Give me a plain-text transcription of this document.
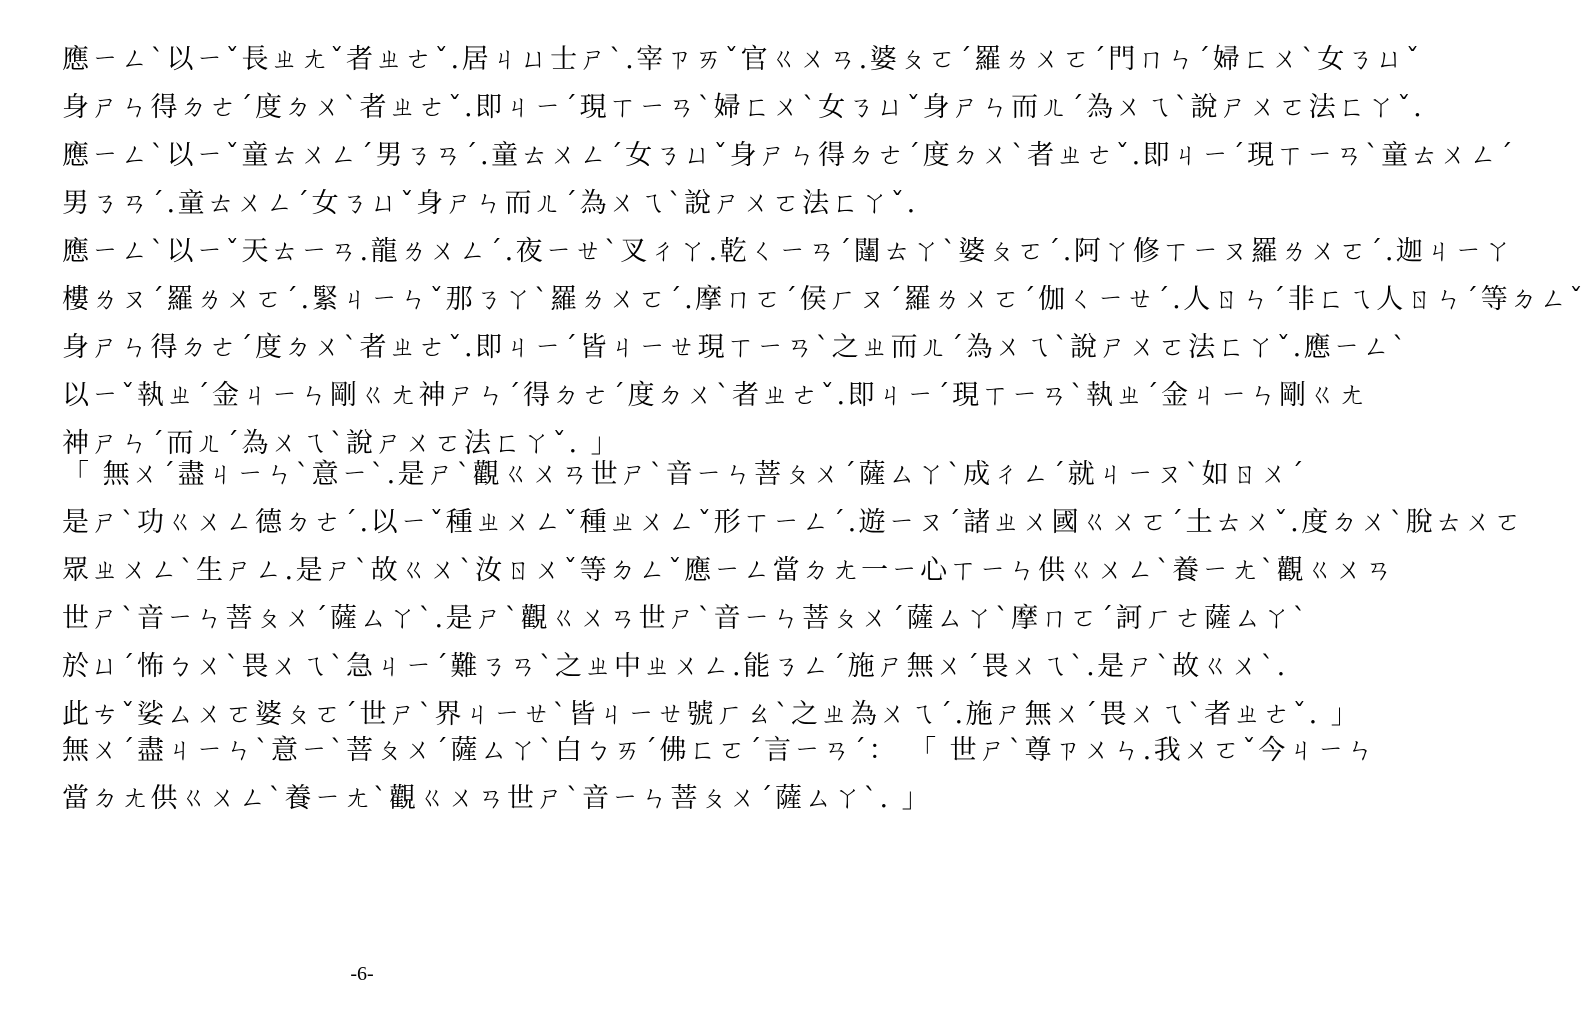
應ㄧㄥˋ以ㄧˇ長ㄓㄤˇ者ㄓㄜˇ.居ㄐㄩ士ㄕˋ.宰ㄗㄞˇ官ㄍㄨㄢ.婆ㄆㄛˊ羅ㄌㄨㄛˊ門ㄇㄣˊ婦ㄈㄨˋ女ㄋㄩˇ
身ㄕㄣ得ㄉㄜˊ度ㄉㄨˋ者ㄓㄜˇ.即ㄐㄧˊ現ㄒㄧㄢˋ婦ㄈㄨˋ女ㄋㄩˇ身ㄕㄣ而ㄦˊ為ㄨㄟˋ說ㄕㄨㄛ法ㄈㄚˇ.
應ㄧㄥˋ以ㄧˇ童ㄊㄨㄥˊ男ㄋㄢˊ.童ㄊㄨㄥˊ女ㄋㄩˇ身ㄕㄣ得ㄉㄜˊ度ㄉㄨˋ者ㄓㄜˇ.即ㄐㄧˊ現ㄒㄧㄢˋ童ㄊㄨㄥˊ
男ㄋㄢˊ.童ㄊㄨㄥˊ女ㄋㄩˇ身ㄕㄣ而ㄦˊ為ㄨㄟˋ說ㄕㄨㄛ法ㄈㄚˇ.
應ㄧㄥˋ以ㄧˇ天ㄊㄧㄢ.龍ㄌㄨㄥˊ.夜ㄧㄝˋ叉ㄔㄚ.乾ㄑㄧㄢˊ闥ㄊㄚˋ婆ㄆㄛˊ.阿ㄚ修ㄒㄧㄡ羅ㄌㄨㄛˊ.迦ㄐㄧㄚ
樓ㄌㄡˊ羅ㄌㄨㄛˊ.緊ㄐㄧㄣˇ那ㄋㄚˋ羅ㄌㄨㄛˊ.摩ㄇㄛˊ侯ㄏㄡˊ羅ㄌㄨㄛˊ伽ㄑㄧㄝˊ.人ㄖㄣˊ非ㄈㄟ人ㄖㄣˊ等ㄉㄥˇ
身ㄕㄣ得ㄉㄜˊ度ㄉㄨˋ者ㄓㄜˇ.即ㄐㄧˊ皆ㄐㄧㄝ現ㄒㄧㄢˋ之ㄓ而ㄦˊ為ㄨㄟˋ說ㄕㄨㄛ法ㄈㄚˇ.應ㄧㄥˋ
以ㄧˇ執ㄓˊ金ㄐㄧㄣ剛ㄍㄤ神ㄕㄣˊ得ㄉㄜˊ度ㄉㄨˋ者ㄓㄜˇ.即ㄐㄧˊ現ㄒㄧㄢˋ執ㄓˊ金ㄐㄧㄣ剛ㄍㄤ
神ㄕㄣˊ而ㄦˊ為ㄨㄟˋ說ㄕㄨㄛ法ㄈㄚˇ. 」
「 無ㄨˊ盡ㄐㄧㄣˋ意ㄧˋ.是ㄕˋ觀ㄍㄨㄢ世ㄕˋ音ㄧㄣ菩ㄆㄨˊ薩ㄙㄚˋ成ㄔㄥˊ就ㄐㄧㄡˋ如ㄖㄨˊ
是ㄕˋ功ㄍㄨㄥ德ㄉㄜˊ.以ㄧˇ種ㄓㄨㄥˇ種ㄓㄨㄥˇ形ㄒㄧㄥˊ.遊ㄧㄡˊ諸ㄓㄨ國ㄍㄨㄛˊ土ㄊㄨˇ.度ㄉㄨˋ脫ㄊㄨㄛ
眾ㄓㄨㄥˋ生ㄕㄥ.是ㄕˋ故ㄍㄨˋ汝ㄖㄨˇ等ㄉㄥˇ應ㄧㄥ當ㄉㄤ一ㄧ心ㄒㄧㄣ供ㄍㄨㄥˋ養ㄧㄤˋ觀ㄍㄨㄢ
世ㄕˋ音ㄧㄣ菩ㄆㄨˊ薩ㄙㄚˋ.是ㄕˋ觀ㄍㄨㄢ世ㄕˋ音ㄧㄣ菩ㄆㄨˊ薩ㄙㄚˋ摩ㄇㄛˊ訶ㄏㄜ薩ㄙㄚˋ
於ㄩˊ怖ㄅㄨˋ畏ㄨㄟˋ急ㄐㄧˊ難ㄋㄢˋ之ㄓ中ㄓㄨㄥ.能ㄋㄥˊ施ㄕ無ㄨˊ畏ㄨㄟˋ.是ㄕˋ故ㄍㄨˋ.
此ㄘˇ娑ㄙㄨㄛ婆ㄆㄛˊ世ㄕˋ界ㄐㄧㄝˋ皆ㄐㄧㄝ號ㄏㄠˋ之ㄓ為ㄨㄟˊ.施ㄕ無ㄨˊ畏ㄨㄟˋ者ㄓㄜˇ. 」
無ㄨˊ盡ㄐㄧㄣˋ意ㄧˋ菩ㄆㄨˊ薩ㄙㄚˋ白ㄅㄞˊ佛ㄈㄛˊ言ㄧㄢˊ： 「 世ㄕˋ尊ㄗㄨㄣ.我ㄨㄛˇ今ㄐㄧㄣ
當ㄉㄤ供ㄍㄨㄥˋ養ㄧㄤˋ觀ㄍㄨㄢ世ㄕˋ音ㄧㄣ菩ㄆㄨˊ薩ㄙㄚˋ. 」
-6-
